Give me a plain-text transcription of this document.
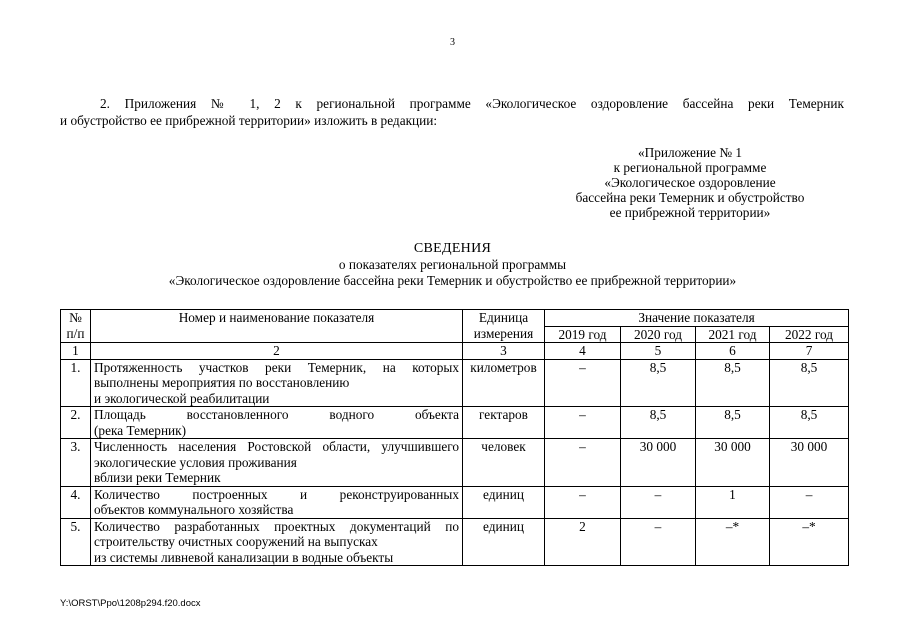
3

2. Приложения № 1, 2 к региональной программе «Экологическое оздоровление бассейна реки Темерник

и обустройство ее прибрежной территории» изложить в редакции:

«Приложение № 1
к региональной программе
«Экологическое оздоровление
бассейна реки Темерник и обустройство
ее прибрежной территории»
СВЕДЕНИЯ
о показателях региональной программы
«Экологическое оздоровление бассейна реки Темерник и обустройство ее прибрежной территории»
№ п/п	Номер и наименование показателя	Единица измерения	Значение показателя			
			2019 год	2020 год	2021 год	2022 год
1	2	3	4	5	6	7
1.	Протяженность участков реки Темерник, на которых выполнены мероприятия по восстановлению
и экологической реабилитации	километров	–	8,5	8,5	8,5
2.	Площадь восстановленного водного объекта
(река Темерник)	гектаров	–	8,5	8,5	8,5
3.	Численность населения Ростовской области, улучшившего экологические условия проживания
вблизи реки Темерник	человек	–	30 000	30 000	30 000
4.	Количество построенных и реконструированных
объектов коммунального хозяйства	единиц	–	–	1	–
5.	Количество разработанных проектных документаций по строительству очистных сооружений на выпусках
из системы ливневой канализации в водные объекты	единиц	2	–	–*	–*
Y:\ORST\Ppo\1208p294.f20.docx
